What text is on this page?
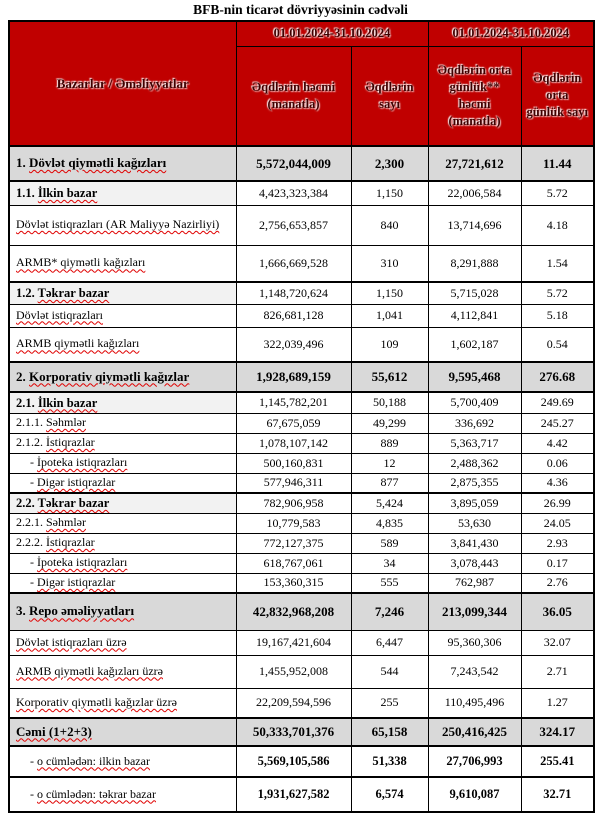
BFB-nin ticarət dövriyyəsinin cədvəli
Bazarlar / Əməliyyatlar	01.01.2024-31.10.2024		01.01.2024-31.10.2024	
	Əqdlərin həcmi (manatla)	Əqdlərin sayı	Əqdlərin orta günlük** həcmi (manatla)	Əqdlərin orta günlük sayı
1. Dövlət qiymətli kağızları	5,572,044,009	2,300	27,721,612	11.44
1.1. İlkin bazar	4,423,323,384	1,150	22,006,584	5.72
Dövlət istiqrazları (AR Maliyyə Nazirliyi)	2,756,653,857	840	13,714,696	4.18
ARMB* qiymətli kağızları	1,666,669,528	310	8,291,888	1.54
1.2. Təkrar bazar	1,148,720,624	1,150	5,715,028	5.72
Dövlət istiqrazları	826,681,128	1,041	4,112,841	5.18
ARMB qiymətli kağızları	322,039,496	109	1,602,187	0.54
2. Korporativ qiymətli kağızlar	1,928,689,159	55,612	9,595,468	276.68
2.1. İlkin bazar	1,145,782,201	50,188	5,700,409	249.69
2.1.1. Səhmlər	67,675,059	49,299	336,692	245.27
2.1.2. İstiqrazlar	1,078,107,142	889	5,363,717	4.42
- İpoteka istiqrazları	500,160,831	12	2,488,362	0.06
- Digər istiqrazlar	577,946,311	877	2,875,355	4.36
2.2. Təkrar bazar	782,906,958	5,424	3,895,059	26.99
2.2.1. Səhmlər	10,779,583	4,835	53,630	24.05
2.2.2. İstiqrazlar	772,127,375	589	3,841,430	2.93
- İpoteka istiqrazları	618,767,061	34	3,078,443	0.17
- Digər istiqrazlar	153,360,315	555	762,987	2.76
3. Repo əməliyyatları	42,832,968,208	7,246	213,099,344	36.05
Dövlət istiqrazları üzrə	19,167,421,604	6,447	95,360,306	32.07
ARMB qiymətli kağızları üzrə	1,455,952,008	544	7,243,542	2.71
Korporativ qiymətli kağızlar üzrə	22,209,594,596	255	110,495,496	1.27
Cəmi (1+2+3)	50,333,701,376	65,158	250,416,425	324.17
- o cümlədən: ilkin bazar	5,569,105,586	51,338	27,706,993	255.41
- o cümlədən: təkrar bazar	1,931,627,582	6,574	9,610,087	32.71
